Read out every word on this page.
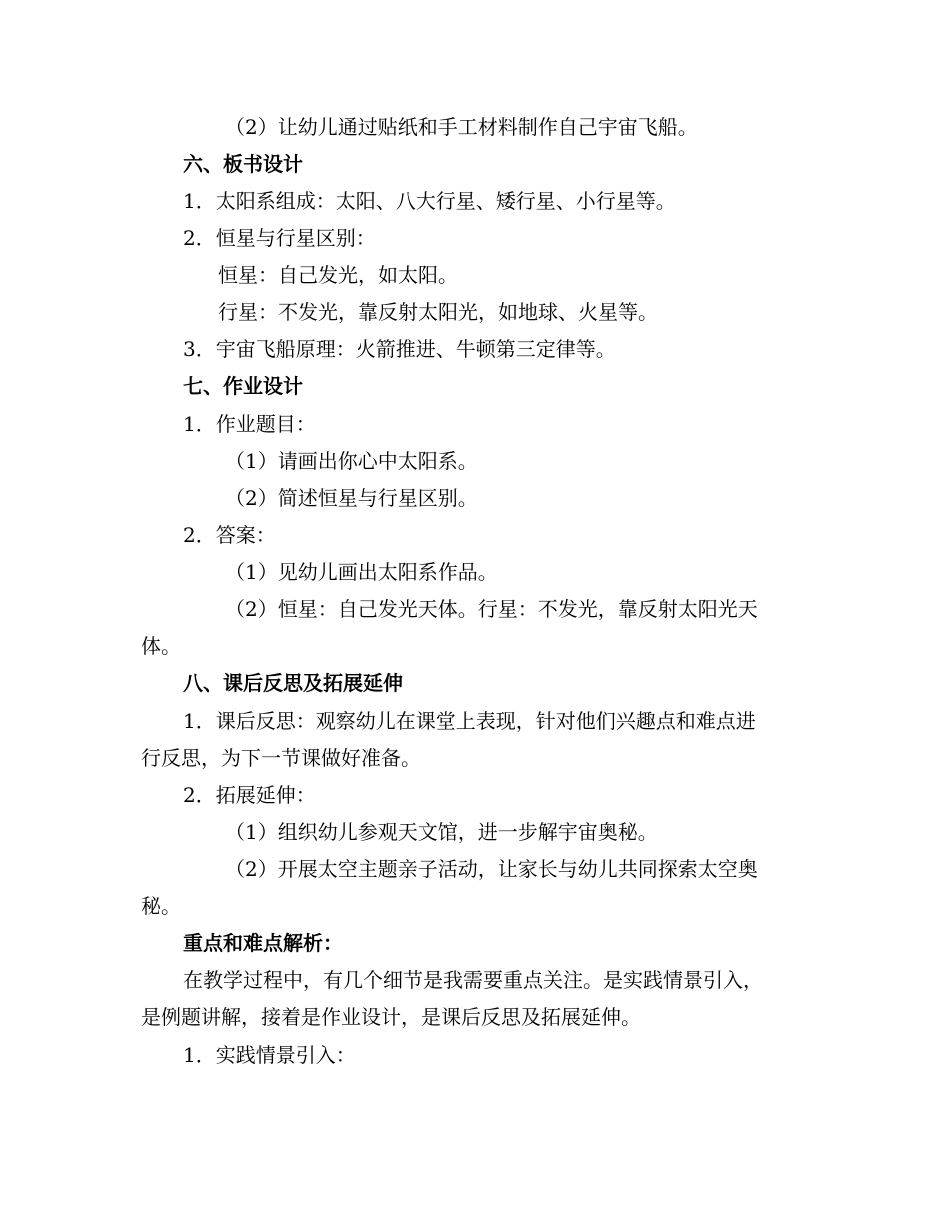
（2）让幼儿通过贴纸和手工材料制作自己宇宙飞船。
六、板书设计
1．太阳系组成：太阳、八大行星、矮行星、小行星等。
2．恒星与行星区别：
恒星：自己发光，如太阳。
行星：不发光，靠反射太阳光，如地球、火星等。
3．宇宙飞船原理：火箭推进、牛顿第三定律等。
七、作业设计
1．作业题目：
（1）请画出你心中太阳系。
（2）简述恒星与行星区别。
2．答案：
（1）见幼儿画出太阳系作品。
（2）恒星：自己发光天体。行星：不发光，靠反射太阳光天
体。
八、课后反思及拓展延伸
1．课后反思：观察幼儿在课堂上表现，针对他们兴趣点和难点进
行反思，为下一节课做好准备。
2．拓展延伸：
（1）组织幼儿参观天文馆，进一步解宇宙奥秘。
（2）开展太空主题亲子活动，让家长与幼儿共同探索太空奥
秘。
重点和难点解析：
在教学过程中，有几个细节是我需要重点关注。是实践情景引入，
是例题讲解，接着是作业设计，是课后反思及拓展延伸。
1．实践情景引入：
